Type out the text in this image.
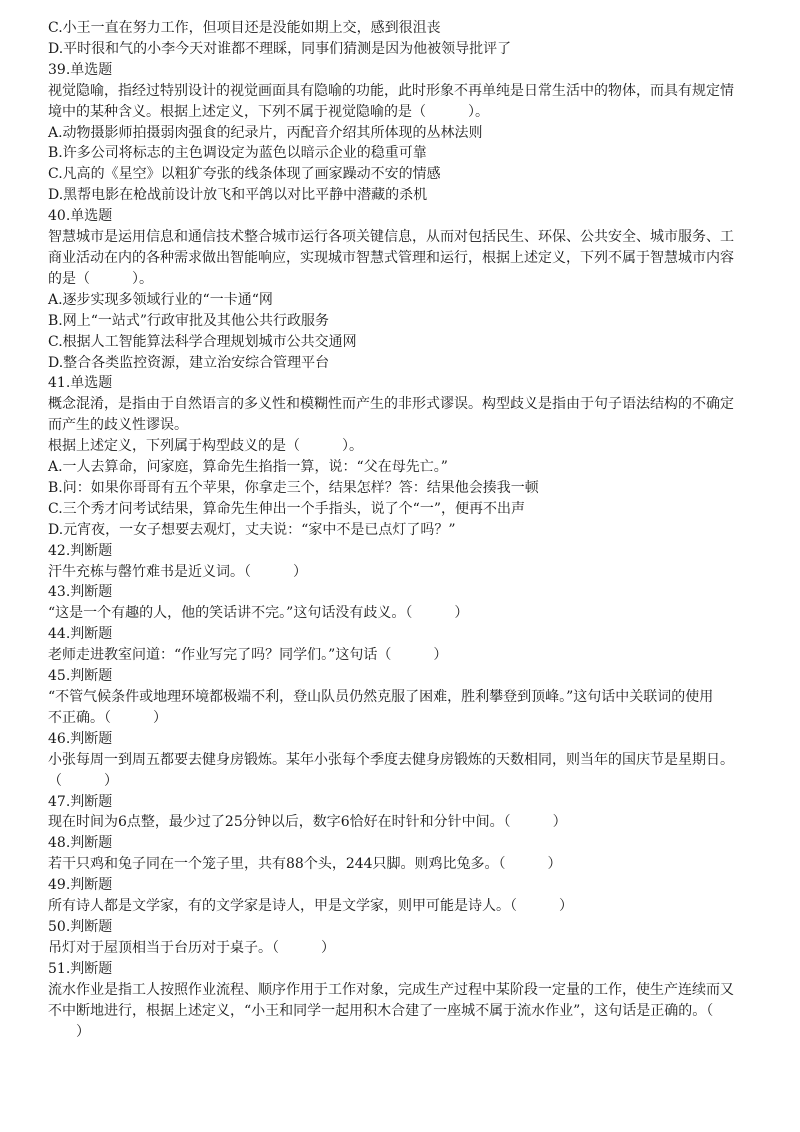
C.小王一直在努力工作，但项目还是没能如期上交，感到很沮丧
D.平时很和气的小李今天对谁都不理睬，同事们猜测是因为他被领导批评了
39.单选题
视觉隐喻，指经过特别设计的视觉画面具有隐喻的功能，此时形象不再单纯是日常生活中的物体，而具有规定情
境中的某种含义。根据上述定义，下列不属于视觉隐喻的是（　　　）。
A.动物摄影师拍摄弱肉强食的纪录片，丙配音介绍其所体现的丛林法则
B.许多公司将标志的主色调设定为蓝色以暗示企业的稳重可靠
C.凡高的《星空》以粗犷夸张的线条体现了画家躁动不安的情感
D.黑帮电影在枪战前设计放飞和平鸽以对比平静中潜藏的杀机
40.单选题
智慧城市是运用信息和通信技术整合城市运行各项关键信息，从而对包括民生、环保、公共安全、城市服务、工
商业活动在内的各种需求做出智能响应，实现城市智慧式管理和运行，根据上述定义，下列不属于智慧城市内容
的是（　　　）。
A.逐步实现多领域行业的“一卡通“网
B.网上“一站式”行政审批及其他公共行政服务
C.根据人工智能算法科学合理规划城市公共交通网
D.整合各类监控资源，建立治安综合管理平台
41.单选题
概念混淆，是指由于自然语言的多义性和模糊性而产生的非形式谬误。构型歧义是指由于句子语法结构的不确定
而产生的歧义性谬误。
根据上述定义，下列属于构型歧义的是（　　　）。
A.一人去算命，问家庭，算命先生掐指一算，说：“父在母先亡。”
B.问：如果你哥哥有五个苹果，你拿走三个，结果怎样？答：结果他会揍我一顿
C.三个秀才问考试结果，算命先生伸出一个手指头，说了个“一”，便再不出声
D.元宵夜，一女子想要去观灯，丈夫说：“家中不是已点灯了吗？”
42.判断题
汗牛充栋与罄竹难书是近义词。（　　　）
43.判断题
“这是一个有趣的人，他的笑话讲不完。”这句话没有歧义。（　　　）
44.判断题
老师走进教室问道：“作业写完了吗？同学们。”这句话（　　　）
45.判断题
“不管气候条件或地理环境都极端不利，登山队员仍然克服了困难，胜利攀登到顶峰。”这句话中关联词的使用
不正确。（　　　）
46.判断题
小张每周一到周五都要去健身房锻炼。某年小张每个季度去健身房锻炼的天数相同，则当年的国庆节是星期日。
（　　　）
47.判断题
现在时间为6点整，最少过了25分钟以后，数字6恰好在时针和分针中间。（　　　）
48.判断题
若干只鸡和兔子同在一个笼子里，共有88个头，244只脚。则鸡比兔多。（　　　）
49.判断题
所有诗人都是文学家，有的文学家是诗人，甲是文学家，则甲可能是诗人。（　　　）
50.判断题
吊灯对于屋顶相当于台历对于桌子。（　　　）
51.判断题
流水作业是指工人按照作业流程、顺序作用于工作对象，完成生产过程中某阶段一定量的工作，使生产连续而又
不中断地进行，根据上述定义，“小王和同学一起用积木合建了一座城不属于流水作业”，这句话是正确的。（
　　）
